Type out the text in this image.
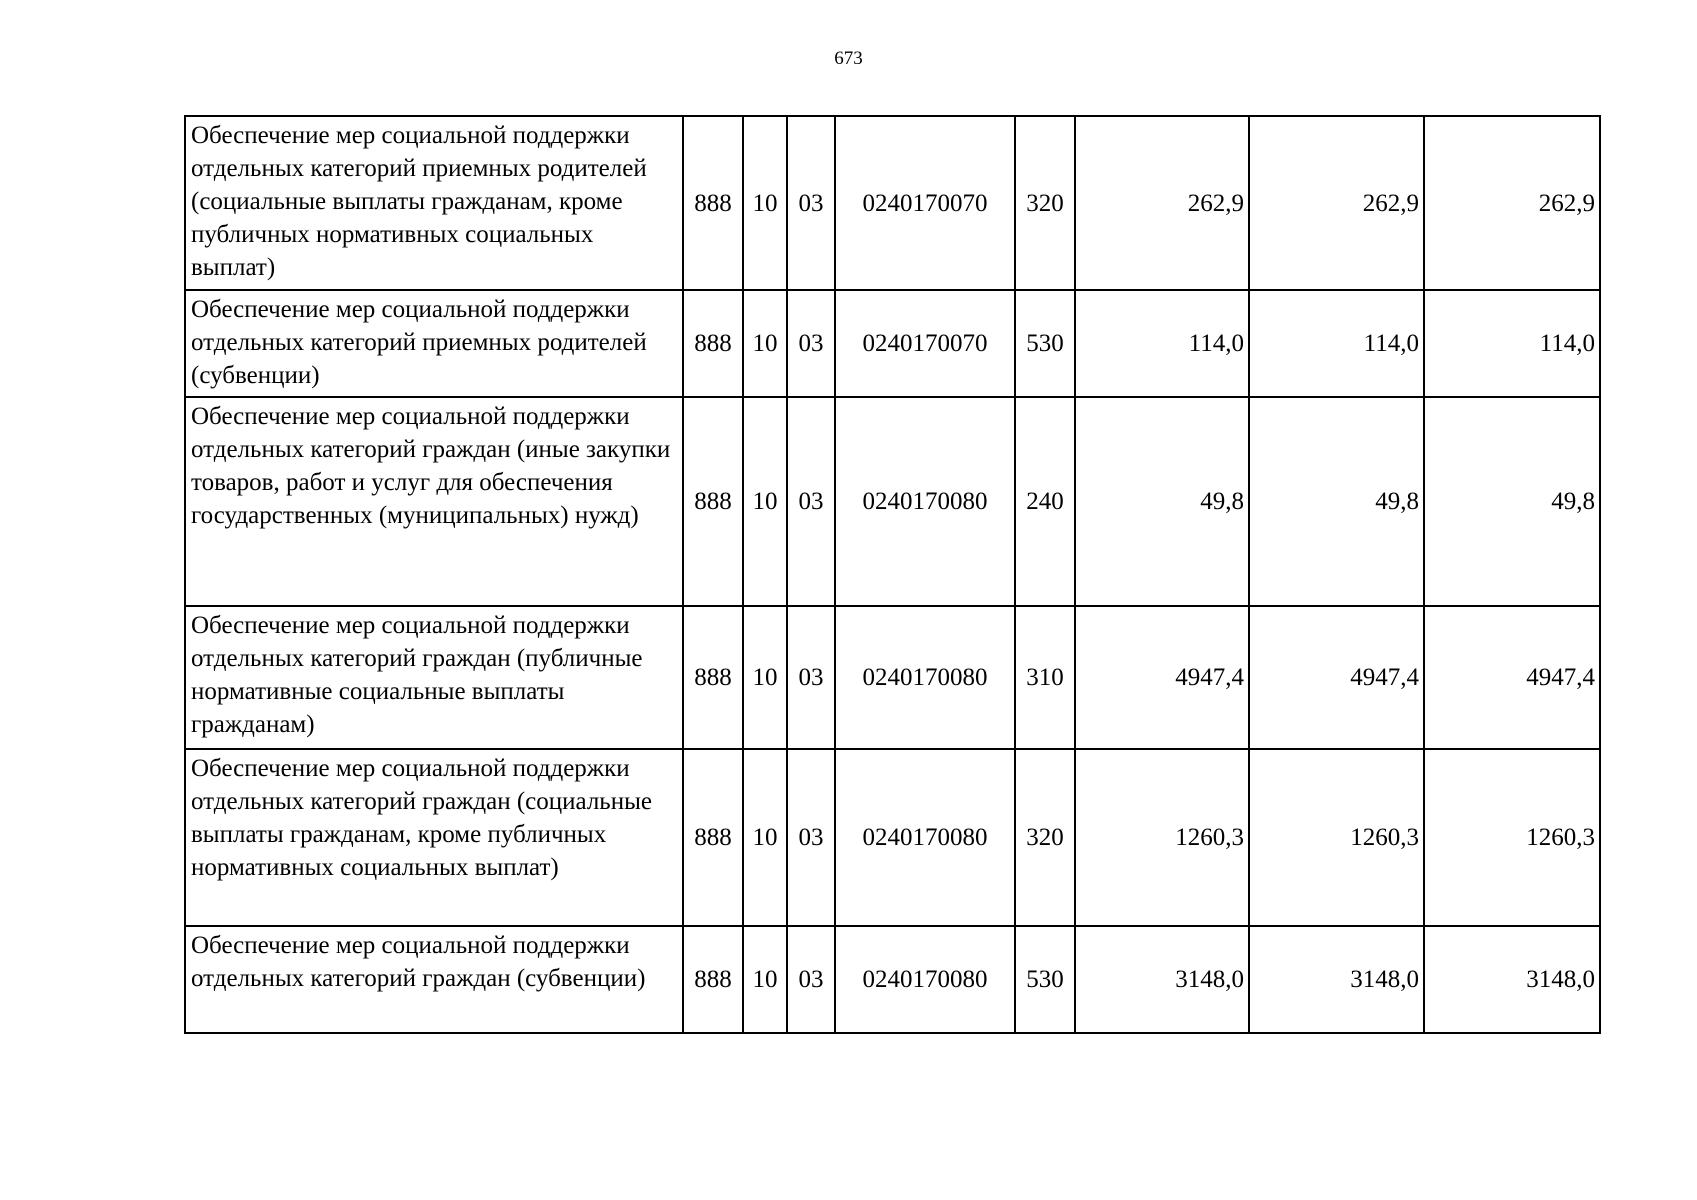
673
Обеспечение мер социальной поддержки отдельных категорий приемных родителей (социальные выплаты гражданам, кроме публичных нормативных социальных выплат)	888	10	03	0240170070	320	262,9	262,9	262,9
Обеспечение мер социальной поддержки отдельных категорий приемных родителей (субвенции)	888	10	03	0240170070	530	114,0	114,0	114,0
Обеспечение мер социальной поддержки отдельных категорий граждан (иные закупки товаров, работ и услуг для обеспечения государственных (муниципальных) нужд)	888	10	03	0240170080	240	49,8	49,8	49,8
Обеспечение мер социальной поддержки отдельных категорий граждан (публичные нормативные социальные выплаты гражданам)	888	10	03	0240170080	310	4947,4	4947,4	4947,4
Обеспечение мер социальной поддержки отдельных категорий граждан (социальные выплаты гражданам, кроме публичных нормативных социальных выплат)	888	10	03	0240170080	320	1260,3	1260,3	1260,3
Обеспечение мер социальной поддержки отдельных категорий граждан (субвенции)	888	10	03	0240170080	530	3148,0	3148,0	3148,0
